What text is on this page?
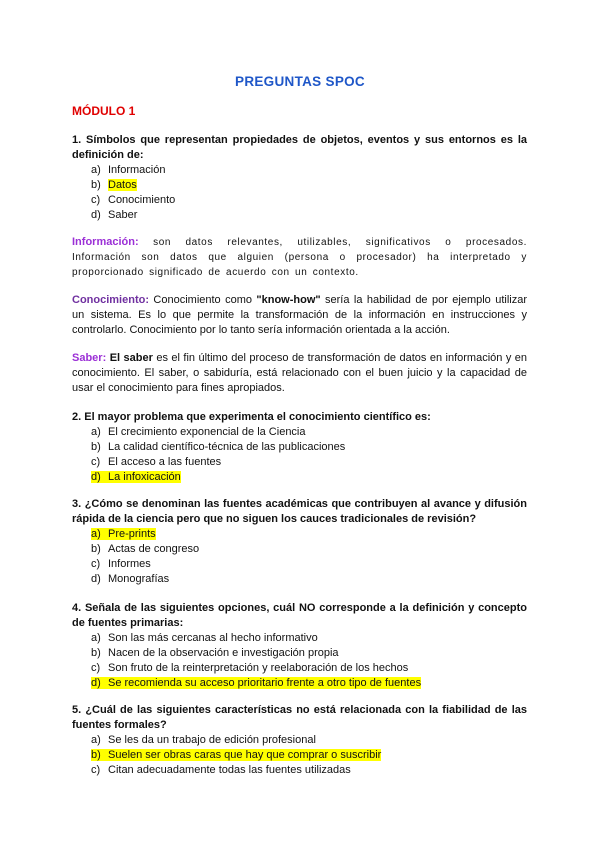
PREGUNTAS SPOC
MÓDULO 1
1. Símbolos que representan propiedades de objetos, eventos y sus entornos es la definición de:
a) Información
b) Datos
c) Conocimiento
d) Saber
Información: son datos relevantes, utilizables, significativos o procesados. Información son datos que alguien (persona o procesador) ha interpretado y proporcionado significado de acuerdo con un contexto.
Conocimiento: Conocimiento como "know-how" sería la habilidad de por ejemplo utilizar un sistema. Es lo que permite la transformación de la información en instrucciones y controlarlo. Conocimiento por lo tanto sería información orientada a la acción.
Saber: El saber es el fin último del proceso de transformación de datos en información y en conocimiento. El saber, o sabiduría, está relacionado con el buen juicio y la capacidad de usar el conocimiento para fines apropiados.
2. El mayor problema que experimenta el conocimiento científico es:
a) El crecimiento exponencial de la Ciencia
b) La calidad científico-técnica de las publicaciones
c) El acceso a las fuentes
d) La infoxicación
3. ¿Cómo se denominan las fuentes académicas que contribuyen al avance y difusión rápida de la ciencia pero que no siguen los cauces tradicionales de revisión?
a) Pre-prints
b) Actas de congreso
c) Informes
d) Monografías
4. Señala de las siguientes opciones, cuál NO corresponde a la definición y concepto de fuentes primarias:
a) Son las más cercanas al hecho informativo
b) Nacen de la observación e investigación propia
c) Son fruto de la reinterpretación y reelaboración de los hechos
d) Se recomienda su acceso prioritario frente a otro tipo de fuentes
5. ¿Cuál de las siguientes características no está relacionada con la fiabilidad de las fuentes formales?
a) Se les da un trabajo de edición profesional
b) Suelen ser obras caras que hay que comprar o suscribir
c) Citan adecuadamente todas las fuentes utilizadas
